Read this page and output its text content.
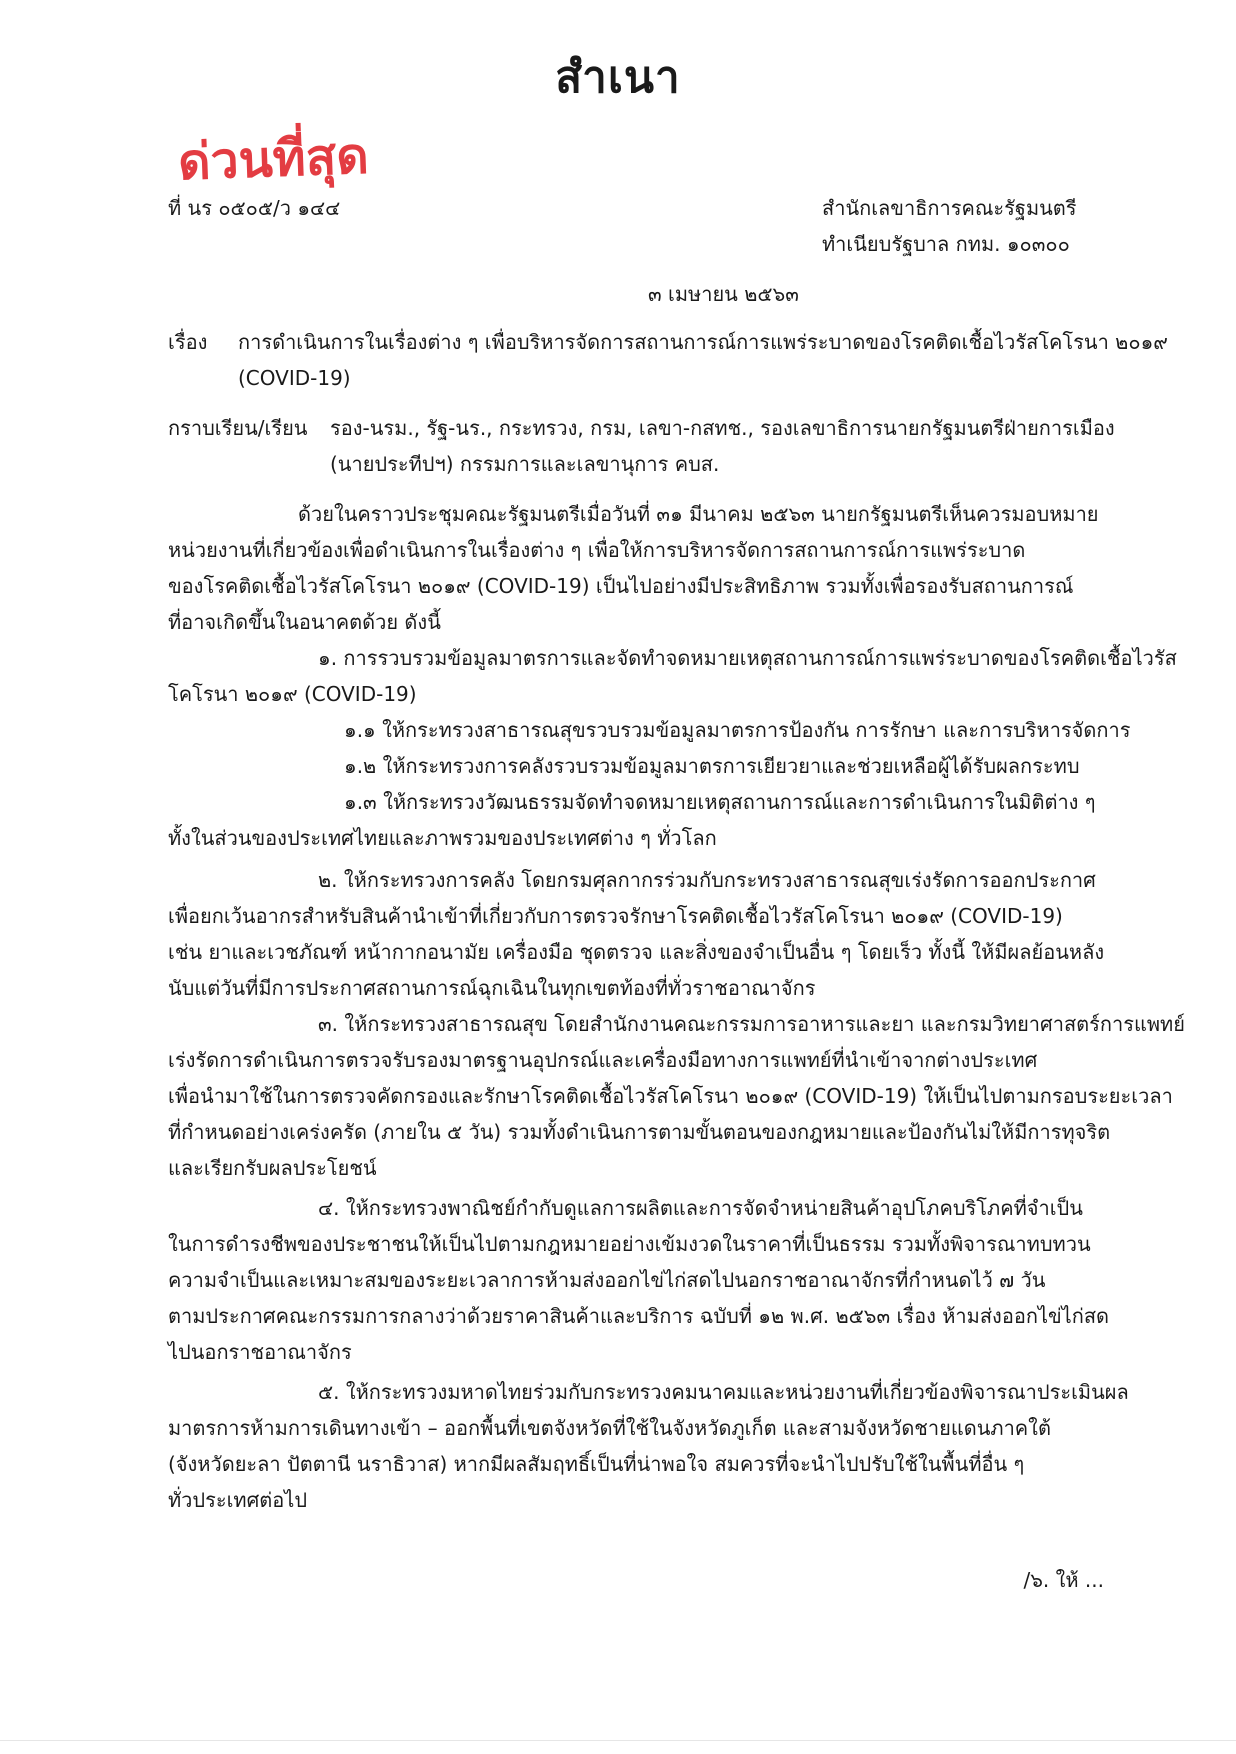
สำเนา
ด่วนที่สุด
ที่ นร ๐๕๐๕/ว ๑๔๔	สำนักเลขาธิการคณะรัฐมนตรี
ทำเนียบรัฐบาล กทม. ๑๐๓๐๐
๓ เมษายน ๒๕๖๓
เรื่อง การดำเนินการในเรื่องต่าง ๆ เพื่อบริหารจัดการสถานการณ์การแพร่ระบาดของโรคติดเชื้อไวรัสโคโรนา ๒๐๑๙
(COVID-19)
กราบเรียน/เรียน รอง-นรม., รัฐ-นร., กระทรวง, กรม, เลขา-กสทช., รองเลขาธิการนายกรัฐมนตรีฝ่ายการเมือง
(นายประทีปฯ) กรรมการและเลขานุการ คบส.
ด้วยในคราวประชุมคณะรัฐมนตรีเมื่อวันที่ ๓๑ มีนาคม ๒๕๖๓ นายกรัฐมนตรีเห็นควรมอบหมาย
หน่วยงานที่เกี่ยวข้องเพื่อดำเนินการในเรื่องต่าง ๆ เพื่อให้การบริหารจัดการสถานการณ์การแพร่ระบาด
ของโรคติดเชื้อไวรัสโคโรนา ๒๐๑๙ (COVID-19) เป็นไปอย่างมีประสิทธิภาพ รวมทั้งเพื่อรองรับสถานการณ์
ที่อาจเกิดขึ้นในอนาคตด้วย ดังนี้
๑. การรวบรวมข้อมูลมาตรการและจัดทำจดหมายเหตุสถานการณ์การแพร่ระบาดของโรคติดเชื้อไวรัส
โคโรนา ๒๐๑๙ (COVID-19)
๑.๑ ให้กระทรวงสาธารณสุขรวบรวมข้อมูลมาตรการป้องกัน การรักษา และการบริหารจัดการ
๑.๒ ให้กระทรวงการคลังรวบรวมข้อมูลมาตรการเยียวยาและช่วยเหลือผู้ได้รับผลกระทบ
๑.๓ ให้กระทรวงวัฒนธรรมจัดทำจดหมายเหตุสถานการณ์และการดำเนินการในมิติต่าง ๆ
ทั้งในส่วนของประเทศไทยและภาพรวมของประเทศต่าง ๆ ทั่วโลก
๒. ให้กระทรวงการคลัง โดยกรมศุลกากรร่วมกับกระทรวงสาธารณสุขเร่งรัดการออกประกาศ
เพื่อยกเว้นอากรสำหรับสินค้านำเข้าที่เกี่ยวกับการตรวจรักษาโรคติดเชื้อไวรัสโคโรนา ๒๐๑๙ (COVID-19)
เช่น ยาและเวชภัณฑ์ หน้ากากอนามัย เครื่องมือ ชุดตรวจ และสิ่งของจำเป็นอื่น ๆ โดยเร็ว ทั้งนี้ ให้มีผลย้อนหลัง
นับแต่วันที่มีการประกาศสถานการณ์ฉุกเฉินในทุกเขตท้องที่ทั่วราชอาณาจักร
๓. ให้กระทรวงสาธารณสุข โดยสำนักงานคณะกรรมการอาหารและยา และกรมวิทยาศาสตร์การแพทย์
เร่งรัดการดำเนินการตรวจรับรองมาตรฐานอุปกรณ์และเครื่องมือทางการแพทย์ที่นำเข้าจากต่างประเทศ
เพื่อนำมาใช้ในการตรวจคัดกรองและรักษาโรคติดเชื้อไวรัสโคโรนา ๒๐๑๙ (COVID-19) ให้เป็นไปตามกรอบระยะเวลา
ที่กำหนดอย่างเคร่งครัด (ภายใน ๕ วัน) รวมทั้งดำเนินการตามขั้นตอนของกฎหมายและป้องกันไม่ให้มีการทุจริต
และเรียกรับผลประโยชน์
๔. ให้กระทรวงพาณิชย์กำกับดูแลการผลิตและการจัดจำหน่ายสินค้าอุปโภคบริโภคที่จำเป็น
ในการดำรงชีพของประชาชนให้เป็นไปตามกฎหมายอย่างเข้มงวดในราคาที่เป็นธรรม รวมทั้งพิจารณาทบทวน
ความจำเป็นและเหมาะสมของระยะเวลาการห้ามส่งออกไข่ไก่สดไปนอกราชอาณาจักรที่กำหนดไว้ ๗ วัน
ตามประกาศคณะกรรมการกลางว่าด้วยราคาสินค้าและบริการ ฉบับที่ ๑๒ พ.ศ. ๒๕๖๓ เรื่อง ห้ามส่งออกไข่ไก่สด
ไปนอกราชอาณาจักร
๕. ให้กระทรวงมหาดไทยร่วมกับกระทรวงคมนาคมและหน่วยงานที่เกี่ยวข้องพิจารณาประเมินผล
มาตรการห้ามการเดินทางเข้า – ออกพื้นที่เขตจังหวัดที่ใช้ในจังหวัดภูเก็ต และสามจังหวัดชายแดนภาคใต้
(จังหวัดยะลา ปัตตานี นราธิวาส) หากมีผลสัมฤทธิ์เป็นที่น่าพอใจ สมควรที่จะนำไปปรับใช้ในพื้นที่อื่น ๆ
ทั่วประเทศต่อไป
/๖. ให้ ...
